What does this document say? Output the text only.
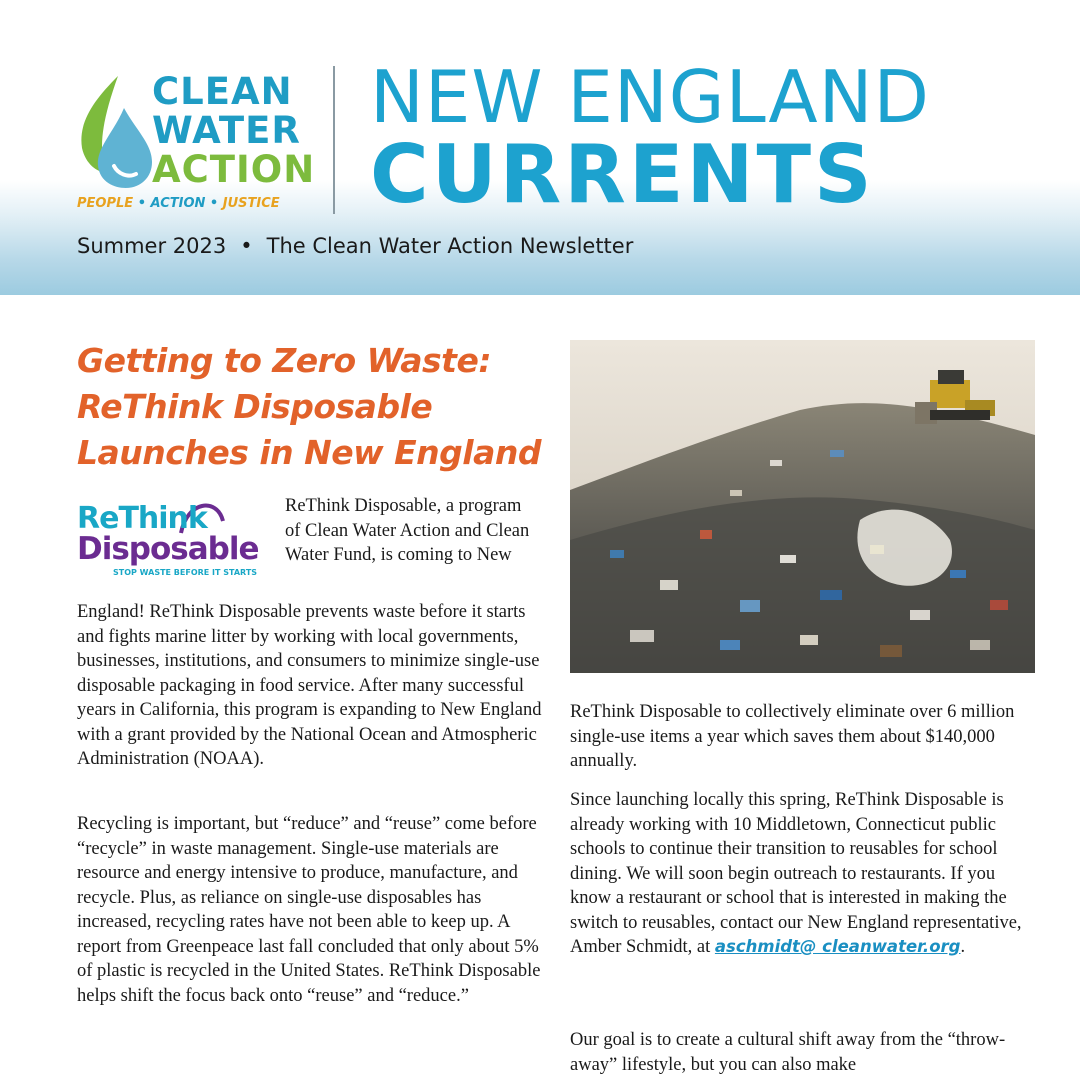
CLEAN
WATER
ACTION
PEOPLE • ACTION • JUSTICE
NEW ENGLAND
CURRENTS
Summer 2023 • The Clean Water Action Newsletter
Getting to Zero Waste: ReThink Disposable Launches in New England
ReThink
Disposable
STOP WASTE BEFORE IT STARTS

ReThink Disposable, a program of Clean Water Action and Clean Water Fund, is coming to New

England! ReThink Disposable prevents waste before it starts and fights marine litter by working with local governments, businesses, institutions, and consumers to minimize single-use disposable packaging in food service. After many successful years in California, this program is expanding to New England with a grant provided by the National Ocean and Atmospheric Administration (NOAA).

Recycling is important, but “reduce” and “reuse” come before “recycle” in waste management. Single-use materials are resource and energy intensive to produce, manufacture, and recycle. Plus, as reliance on single-use disposables has increased, recycling rates have not been able to keep up. A report from Greenpeace last fall concluded that only about 5% of plastic is recycled in the United States. ReThink Disposable helps shift the focus back onto “reuse” and “reduce.”

ReThink Disposable to collectively eliminate over 6 million single-use items a year which saves them about $140,000 annually.

Since launching locally this spring, ReThink Disposable is already working with 10 Middletown, Connecticut public schools to continue their transition to reusables for school dining. We will soon begin outreach to restaurants. If you know a restaurant or school that is interested in making the switch to reusables, contact our New England representative, Amber Schmidt, at aschmidt@ cleanwater.org.

Our goal is to create a cultural shift away from the “throw-away” lifestyle, but you can also make
